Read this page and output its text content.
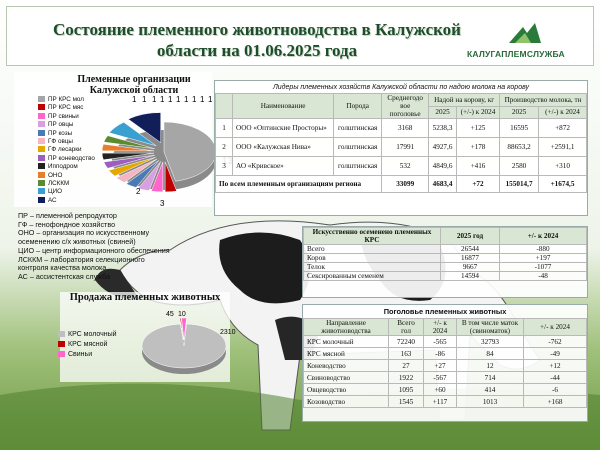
Состояние племенного животноводства в Калужской области на 01.06.2025 года	КАЛУГАПЛЕМСЛУЖБА
Племенные организации Калужской области
ПР КРС мол
ПР КРС мяс
ПР свиньи
ПР овцы
ПР козы
ГФ овцы
ГФ лесарки
ПР коневодство
Ипподром
ОНО
ЛСККМ
ЦИО
АС
1 1 1 1 1 1 1 1 1 1
2
3
ПР – племенной репродуктор
ГФ – генофондное хозяйство
ОНО – организация по искусственному
осеменению с/х животных (свиней)
ЦИО – центр информационного обеспечения
ЛСККМ – лаборатория селекционного
контроля качества молока
АС – ассистентская служба
Продажа племенных животных
2310
10
45
КРС молочный
КРС мясной
Свиньи
Лидеры племенных хозяйств Калужской области по надою молока на корову
	Наименование	Порода	Среднегодо вое поголовье	Надой на корову, кг		Производство молока, тн	
				2025	(+/-) к 2024	2025	(+/-) к 2024
1	ООО «Оптинские Просторы»	голштинская	3168	5238,3	+125	16595	+872
2	ООО «Калужская Нива»	голштинская	17991	4927,6	+178	88653,2	+2591,1
3	АО «Кривское»	голштинская	532	4849,6	+416	2580	+310
По всем племенным организациям региона			33099	4683,4	+72	155014,7	+1674,5
Искусственно осеменено племенных КРС	2025 год	+/- к 2024
Всего	26544	-880
Коров	16877	+197
Телок	9667	-1077
Сексированным семенем	14594	-48
Поголовье племенных животных
Направление животноводства	Всего гол	+/- к 2024	В том числе маток (свиноматок)	+/- к 2024
КРС молочный	72240	-565	32793	-762
КРС мясной	163	-86	84	-49
Коневодство	27	+27	12	+12
Свиноводство	1922	-567	714	-44
Овцеводство	1095	+60	414	-6
Козоводство	1545	+117	1013	+168
